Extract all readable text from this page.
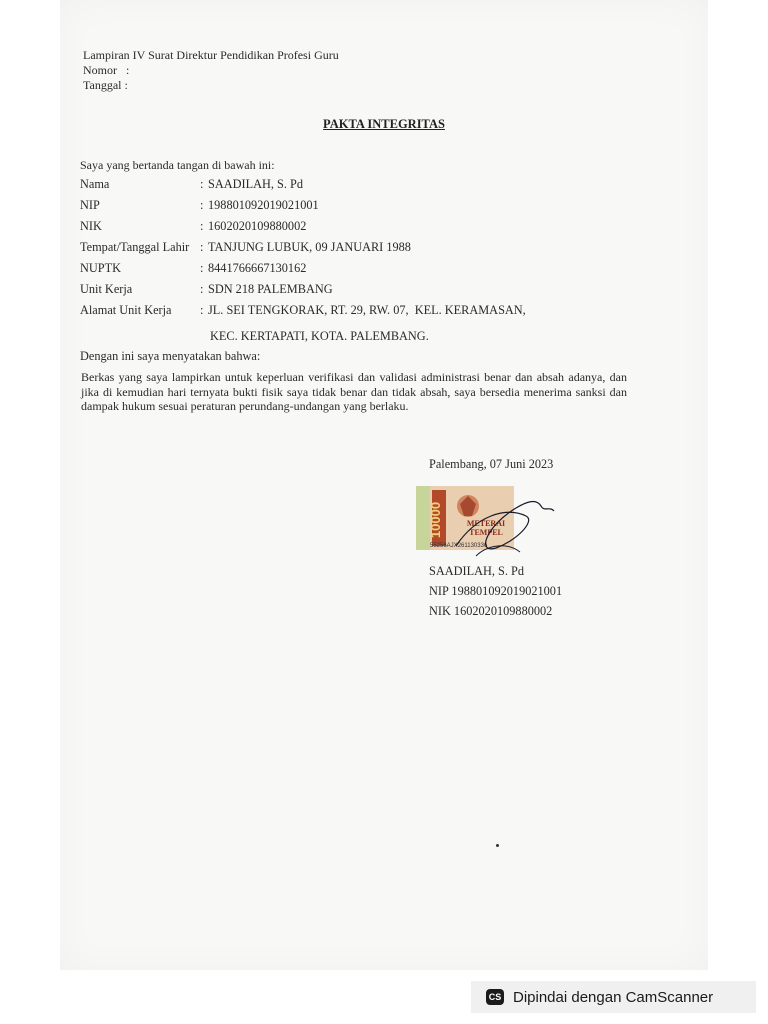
Lampiran IV Surat Direktur Pendidikan Profesi Guru
Nomor   :
Tanggal :
PAKTA INTEGRITAS
Saya yang bertanda tangan di bawah ini:
Nama	: SAADILAH, S. Pd
NIP	: 198801092019021001
NIK	: 1602020109880002
Tempat/Tanggal Lahir : TANJUNG LUBUK, 09 JANUARI 1988
NUPTK	: 8441766667130162
Unit Kerja	: SDN 218 PALEMBANG
Alamat Unit Kerja	: JL. SEI TENGKORAK, RT. 29, RW. 07,  KEL. KERAMASAN,
KEC. KERTAPATI, KOTA. PALEMBANG.
Dengan ini saya menyatakan bahwa:
Berkas yang saya lampirkan untuk keperluan verifikasi dan validasi administrasi benar dan absah adanya, dan jika di kemudian hari ternyata bukti fisik saya tidak benar dan tidak absah, saya bersedia menerima sanksi dan dampak hukum sesuai peraturan perundang-undangan yang berlaku.
Palembang, 07 Juni 2023
10000	METERAI
TEMPEL
55256AJX261130336
SAADILAH, S. Pd
NIP 198801092019021001
NIK 1602020109880002
CS Dipindai dengan CamScanner
